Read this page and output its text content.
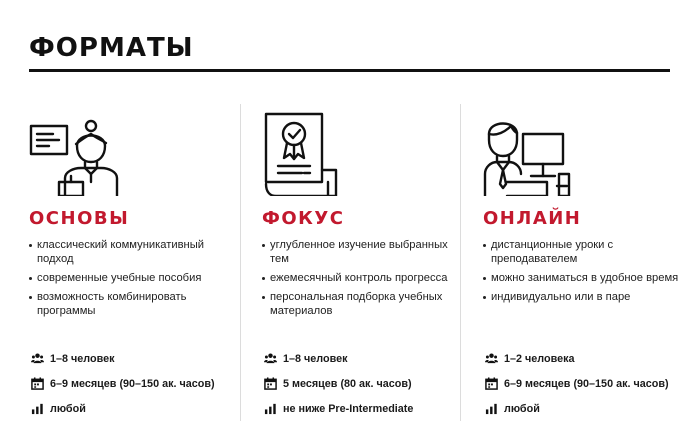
ФОРМАТЫ
ОСНОВЫ
классический коммуникативный подход
современные учебные пособия
возможность комбинировать программы
1–8 человек
6–9 месяцев (90–150 ак. часов)
любой
ФОКУС
углубленное изучение выбранных тем
ежемесячный контроль прогресса
персональная подборка учебных материалов
1–8 человек
5 месяцев (80 ак. часов)
не ниже Pre-Intermediate
ОНЛАЙН
дистанционные уроки с преподавателем
можно заниматься в удобное время
индивидуально или в паре
1–2 человека
6–9 месяцев (90–150 ак. часов)
любой
